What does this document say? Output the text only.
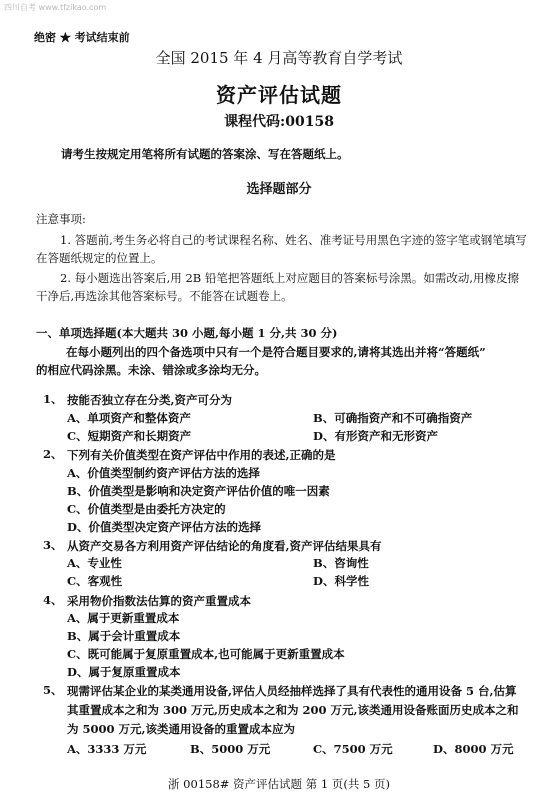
四川自考 www.tfzikao.com
绝密 ★ 考试结束前
全国 2015 年 4 月高等教育自学考试
资产评估试题
课程代码:00158
请考生按规定用笔将所有试题的答案涂、写在答题纸上。
选择题部分
注意事项:
1. 答题前,考生务必将自己的考试课程名称、姓名、准考证号用黑色字迹的签字笔或钢笔填写在答题纸规定的位置上。
2. 每小题选出答案后,用 2B 铅笔把答题纸上对应题目的答案标号涂黑。如需改动,用橡皮擦干净后,再选涂其他答案标号。不能答在试题卷上。
一、单项选择题(本大题共 30 小题,每小题 1 分,共 30 分)
在每小题列出的四个备选项中只有一个是符合题目要求的,请将其选出并将“答题纸”
的相应代码涂黑。未涂、错涂或多涂均无分。
1、 按能否独立存在分类,资产可分为
A、单项资产和整体资产	B、可确指资产和不可确指资产
C、短期资产和长期资产	D、有形资产和无形资产
2、 下列有关价值类型在资产评估中作用的表述,正确的是
A、价值类型制约资产评估方法的选择
B、价值类型是影响和决定资产评估价值的唯一因素
C、价值类型是由委托方决定的
D、价值类型决定资产评估方法的选择
3、 从资产交易各方利用资产评估结论的角度看,资产评估结果具有
A、专业性	B、咨询性
C、客观性	D、科学性
4、 采用物价指数法估算的资产重置成本
A、属于更新重置成本
B、属于会计重置成本
C、既可能属于复原重置成本,也可能属于更新重置成本
D、属于复原重置成本
5、 现需评估某企业的某类通用设备,评估人员经抽样选择了具有代表性的通用设备 5 台,估算其重置成本之和为 300 万元,历史成本之和为 200 万元,该类通用设备账面历史成本之和为 5000 万元,该类通用设备的重置成本应为
A、3333 万元	B、5000 万元	C、7500 万元	D、8000 万元
浙 00158# 资产评估试题 第 1 页(共 5 页)
